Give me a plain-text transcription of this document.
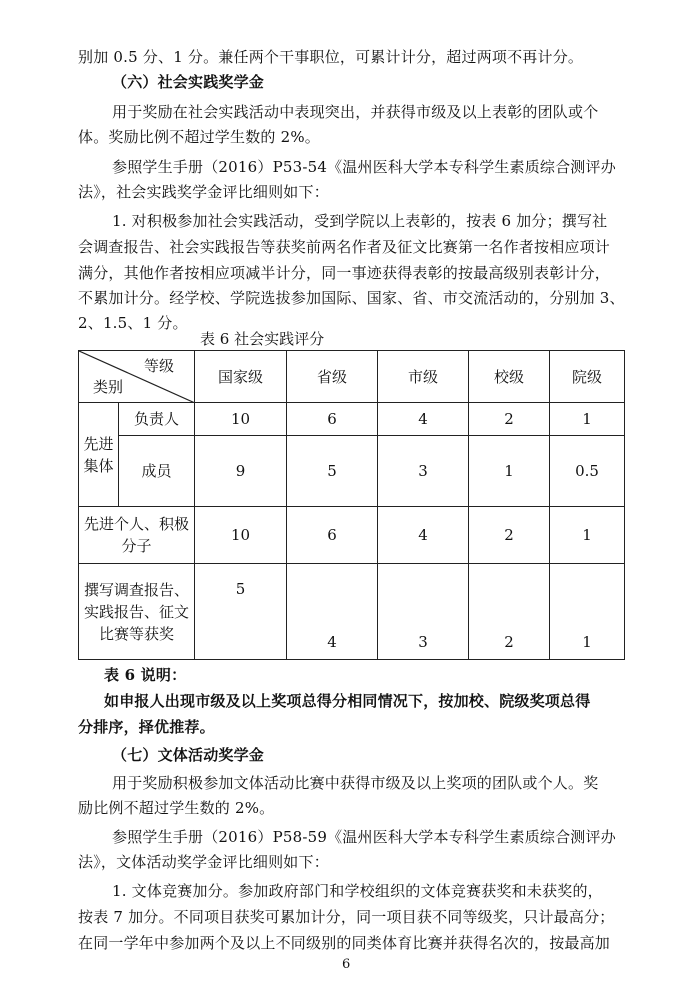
别加 0.5 分、1 分。兼任两个干事职位，可累计计分，超过两项不再计分。
（六）社会实践奖学金
用于奖励在社会实践活动中表现突出，并获得市级及以上表彰的团队或个
体。奖励比例不超过学生数的 2%。
参照学生手册（2016）P53-54《温州医科大学本专科学生素质综合测评办
法》，社会实践奖学金评比细则如下：
1. 对积极参加社会实践活动，受到学院以上表彰的，按表 6 加分；撰写社
会调查报告、社会实践报告等获奖前两名作者及征文比赛第一名作者按相应项计
满分，其他作者按相应项减半计分，同一事迹获得表彰的按最高级别表彰计分，
不累加计分。经学校、学院选拔参加国际、国家、省、市交流活动的，分别加 3、
2、1.5、1 分。
表 6 社会实践评分
等级
类别		国家级	省级	市级	校级	院级

先进
集体	负责人	10	6	4	2	1
	成员	9	5	3	1	0.5

先进个人、积极
分子		10	6	4	2	1

撰写调查报告、
实践报告、征文
比赛等获奖		5	4	3	2	1
表 6 说明：
如申报人出现市级及以上奖项总得分相同情况下，按加校、院级奖项总得
分排序，择优推荐。
（七）文体活动奖学金
用于奖励积极参加文体活动比赛中获得市级及以上奖项的团队或个人。奖
励比例不超过学生数的 2%。
参照学生手册（2016）P58-59《温州医科大学本专科学生素质综合测评办
法》，文体活动奖学金评比细则如下：
1. 文体竞赛加分。参加政府部门和学校组织的文体竞赛获奖和未获奖的，
按表 7 加分。不同项目获奖可累加计分，同一项目获不同等级奖，只计最高分；
在同一学年中参加两个及以上不同级别的同类体育比赛并获得名次的，按最高加
6
